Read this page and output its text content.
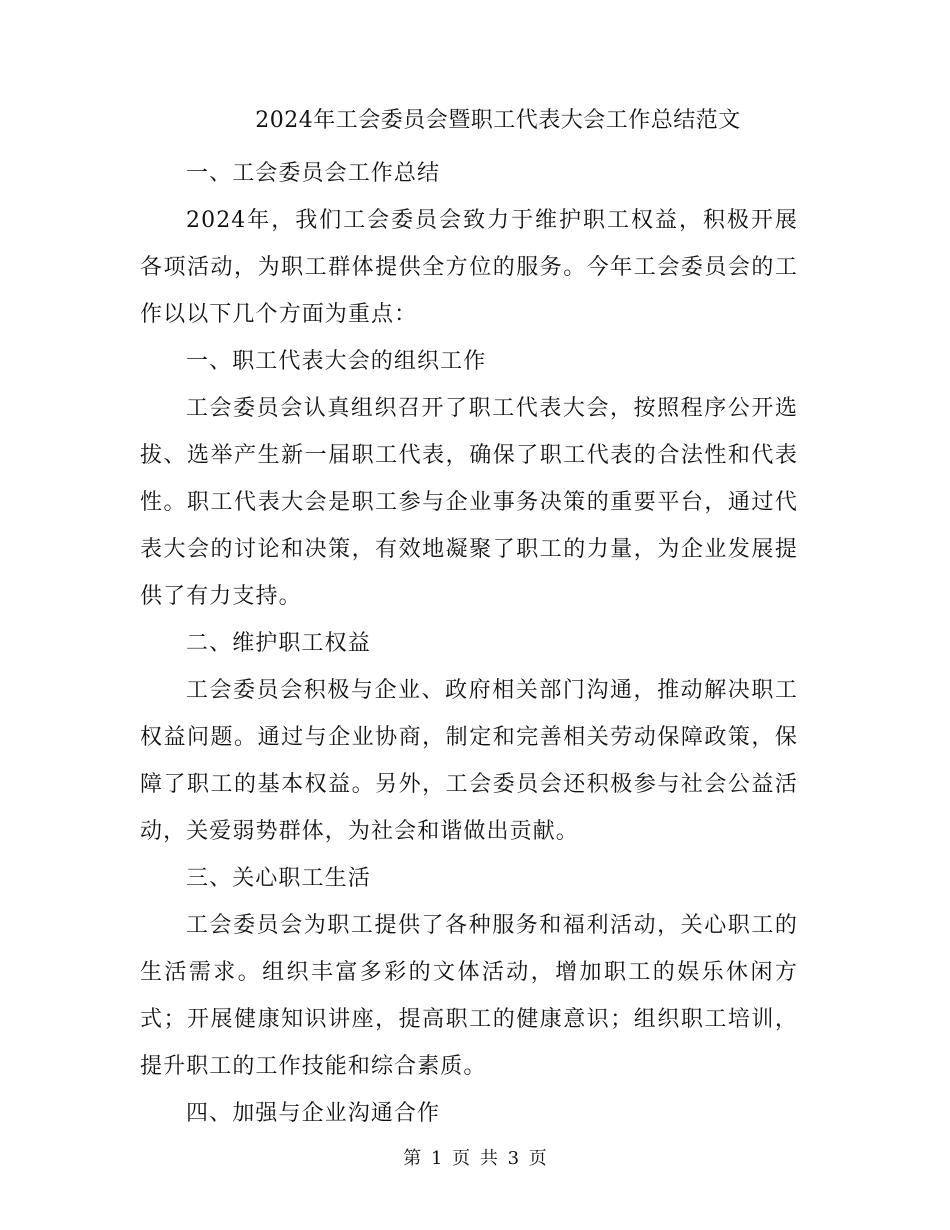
2024年工会委员会暨职工代表大会工作总结范文

一、工会委员会工作总结

2024年，我们工会委员会致力于维护职工权益，积极开展各项活动，为职工群体提供全方位的服务。今年工会委员会的工作以以下几个方面为重点：

一、职工代表大会的组织工作

工会委员会认真组织召开了职工代表大会，按照程序公开选拔、选举产生新一届职工代表，确保了职工代表的合法性和代表性。职工代表大会是职工参与企业事务决策的重要平台，通过代表大会的讨论和决策，有效地凝聚了职工的力量，为企业发展提供了有力支持。

二、维护职工权益

工会委员会积极与企业、政府相关部门沟通，推动解决职工权益问题。通过与企业协商，制定和完善相关劳动保障政策，保障了职工的基本权益。另外，工会委员会还积极参与社会公益活动，关爱弱势群体，为社会和谐做出贡献。

三、关心职工生活

工会委员会为职工提供了各种服务和福利活动，关心职工的生活需求。组织丰富多彩的文体活动，增加职工的娱乐休闲方式；开展健康知识讲座，提高职工的健康意识；组织职工培训，提升职工的工作技能和综合素质。

四、加强与企业沟通合作

第 1 页 共 3 页
